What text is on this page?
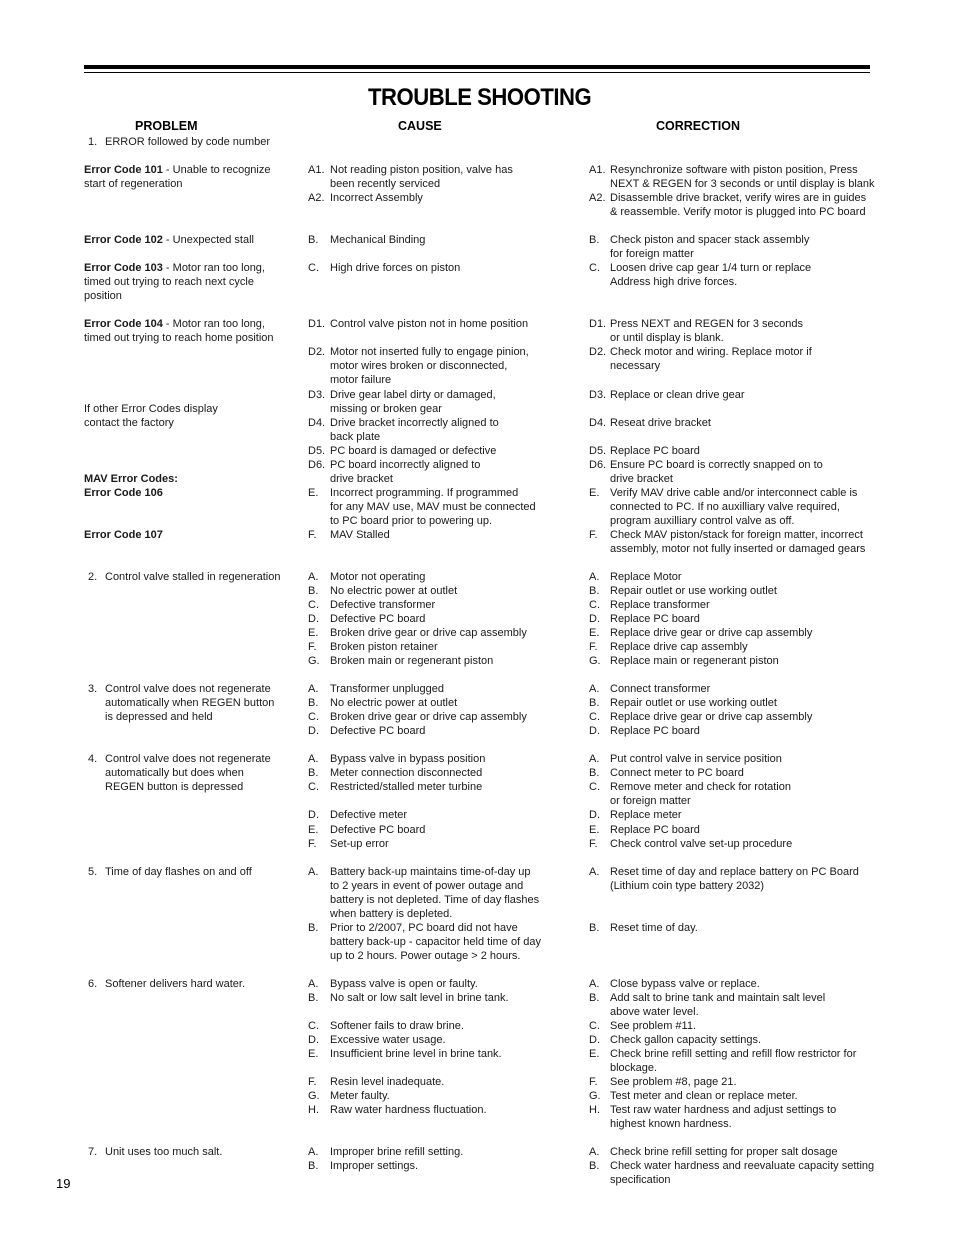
TROUBLE SHOOTING
PROBLEM	CAUSE	CORRECTION
1. ERROR followed by code number
Error Code 101 - Unable to recognize
start of regeneration
Error Code 102 - Unexpected stall
Error Code 103 - Motor ran too long,
timed out trying to reach next cycle
position
Error Code 104 - Motor ran too long,
timed out trying to reach home position
If other Error Codes display
contact the factory
MAV Error Codes:
Error Code 106
Error Code 107
2. Control valve stalled in regeneration
3. Control valve does not regenerate
automatically when REGEN button
is depressed and held
4. Control valve does not regenerate
automatically but does when
REGEN button is depressed
5. Time of day flashes on and off
6. Softener delivers hard water.
7. Unit uses too much salt.
A1. Not reading piston position, valve has
been recently serviced
A2. Incorrect Assembly
B. Mechanical Binding
C. High drive forces on piston
D1. Control valve piston not in home position
D2. Motor not inserted fully to engage pinion,
motor wires broken or disconnected,
motor failure
D3. Drive gear label dirty or damaged,
missing or broken gear
D4. Drive bracket incorrectly aligned to
back plate
D5. PC board is damaged or defective
D6. PC board incorrectly aligned to
drive bracket
E. Incorrect programming. If programmed
for any MAV use, MAV must be connected
to PC board prior to powering up.
F. MAV Stalled
A. Motor not operating
B. No electric power at outlet
C. Defective transformer
D. Defective PC board
E. Broken drive gear or drive cap assembly
F. Broken piston retainer
G. Broken main or regenerant piston
A. Transformer unplugged
B. No electric power at outlet
C. Broken drive gear or drive cap assembly
D. Defective PC board
A. Bypass valve in bypass position
B. Meter connection disconnected
C. Restricted/stalled meter turbine
D. Defective meter
E. Defective PC board
F. Set-up error
A. Battery back-up maintains time-of-day up
to 2 years in event of power outage and
battery is not depleted. Time of day flashes
when battery is depleted.
B. Prior to 2/2007, PC board did not have
battery back-up - capacitor held time of day
up to 2 hours. Power outage > 2 hours.
A. Bypass valve is open or faulty.
B. No salt or low salt level in brine tank.
C. Softener fails to draw brine.
D. Excessive water usage.
E. Insufficient brine level in brine tank.
F. Resin level inadequate.
G. Meter faulty.
H. Raw water hardness fluctuation.
A. Improper brine refill setting.
B. Improper settings.
A1. Resynchronize software with piston position, Press
NEXT & REGEN for 3 seconds or until display is blank
A2. Disassemble drive bracket, verify wires are in guides
& reassemble. Verify motor is plugged into PC board
B. Check piston and spacer stack assembly
for foreign matter
C. Loosen drive cap gear 1/4 turn or replace
Address high drive forces.
D1. Press NEXT and REGEN for 3 seconds
or until display is blank.
D2. Check motor and wiring. Replace motor if
necessary
D3. Replace or clean drive gear
D4. Reseat drive bracket
D5. Replace PC board
D6. Ensure PC board is correctly snapped on to
drive bracket
E. Verify MAV drive cable and/or interconnect cable is
connected to PC. If no auxilliary valve required,
program auxilliary control valve as off.
F. Check MAV piston/stack for foreign matter, incorrect
assembly, motor not fully inserted or damaged gears
A. Replace Motor
B. Repair outlet or use working outlet
C. Replace transformer
D. Replace PC board
E. Replace drive gear or drive cap assembly
F. Replace drive cap assembly
G. Replace main or regenerant piston
A. Connect transformer
B. Repair outlet or use working outlet
C. Replace drive gear or drive cap assembly
D. Replace PC board
A. Put control valve in service position
B. Connect meter to PC board
C. Remove meter and check for rotation
or foreign matter
D. Replace meter
E. Replace PC board
F. Check control valve set-up procedure
A. Reset time of day and replace battery on PC Board
(Lithium coin type battery 2032)
B. Reset time of day.
A. Close bypass valve or replace.
B. Add salt to brine tank and maintain salt level
above water level.
C. See problem #11.
D. Check gallon capacity settings.
E. Check brine refill setting and refill flow restrictor for
blockage.
F. See problem #8, page 21.
G. Test meter and clean or replace meter.
H. Test raw water hardness and adjust settings to
highest known hardness.
A. Check brine refill setting for proper salt dosage
B. Check water hardness and reevaluate capacity setting
specification
19
